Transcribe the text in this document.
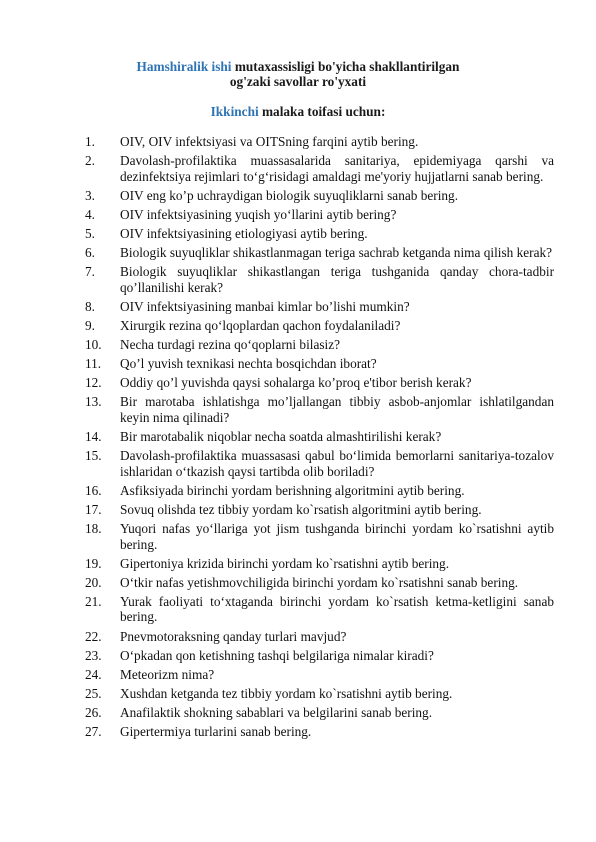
Hamshiralik ishi mutaxassisligi bo'yicha shakllantirilgan
og'zaki savollar ro'yxati
Ikkinchi malaka toifasi uchun:
1.	OIV, OIV infektsiyasi va OITSning farqini aytib bering.
2.	Davolash-profilaktika muassasalarida sanitariya, epidemiyaga qarshi va dezinfektsiya rejimlari to‘g‘risidagi amaldagi me'yoriy hujjatlarni sanab bering.
3.	OIV eng ko’p uchraydigan biologik suyuqliklarni sanab bering.
4.	OIV infektsiyasining yuqish yo‘llarini aytib bering?
5.	OIV infektsiyasining etiologiyasi aytib bering.
6.	Biologik suyuqliklar shikastlanmagan teriga sachrab ketganda nima qilish kerak?
7.	Biologik suyuqliklar shikastlangan teriga tushganida qanday chora-tadbir qo’llanilishi kerak?
8.	OIV infektsiyasining manbai kimlar bo’lishi mumkin?
9.	Xirurgik rezina qo‘lqoplardan qachon foydalaniladi?
10.	Necha turdagi rezina qo‘qoplarni bilasiz?
11.	Qo’l yuvish texnikasi nechta bosqichdan iborat?
12.	Oddiy qo’l yuvishda qaysi sohalarga ko’proq e'tibor berish kerak?
13.	Bir marotaba ishlatishga mo’ljallangan tibbiy asbob-anjomlar ishlatilgandan keyin nima qilinadi?
14.	Bir marotabalik niqoblar necha soatda almashtirilishi kerak?
15.	Davolash-profilaktika muassasasi qabul bo‘limida bemorlarni sanitariya-tozalov ishlaridan o‘tkazish qaysi tartibda olib boriladi?
16.	Asfiksiyada birinchi yordam berishning algoritmini aytib bering.
17.	Sovuq olishda tez tibbiy yordam ko`rsatish algoritmini aytib bering.
18.	Yuqori nafas yo‘llariga yot jism tushganda birinchi yordam ko`rsatishni aytib bering.
19.	Gipertoniya krizida birinchi yordam ko`rsatishni aytib bering.
20.	O‘tkir nafas yetishmovchiligida birinchi yordam ko`rsatishni sanab bering.
21.	Yurak faoliyati to‘xtaganda birinchi yordam ko`rsatish ketma-ketligini sanab bering.
22.	Pnevmotoraksning qanday turlari mavjud?
23.	O‘pkadan qon ketishning tashqi belgilariga nimalar kiradi?
24.	Meteorizm nima?
25.	Xushdan ketganda tez tibbiy yordam ko`rsatishni aytib bering.
26.	Anafilaktik shokning sabablari va belgilarini sanab bering.
27.	Gipertermiya turlarini sanab bering.
